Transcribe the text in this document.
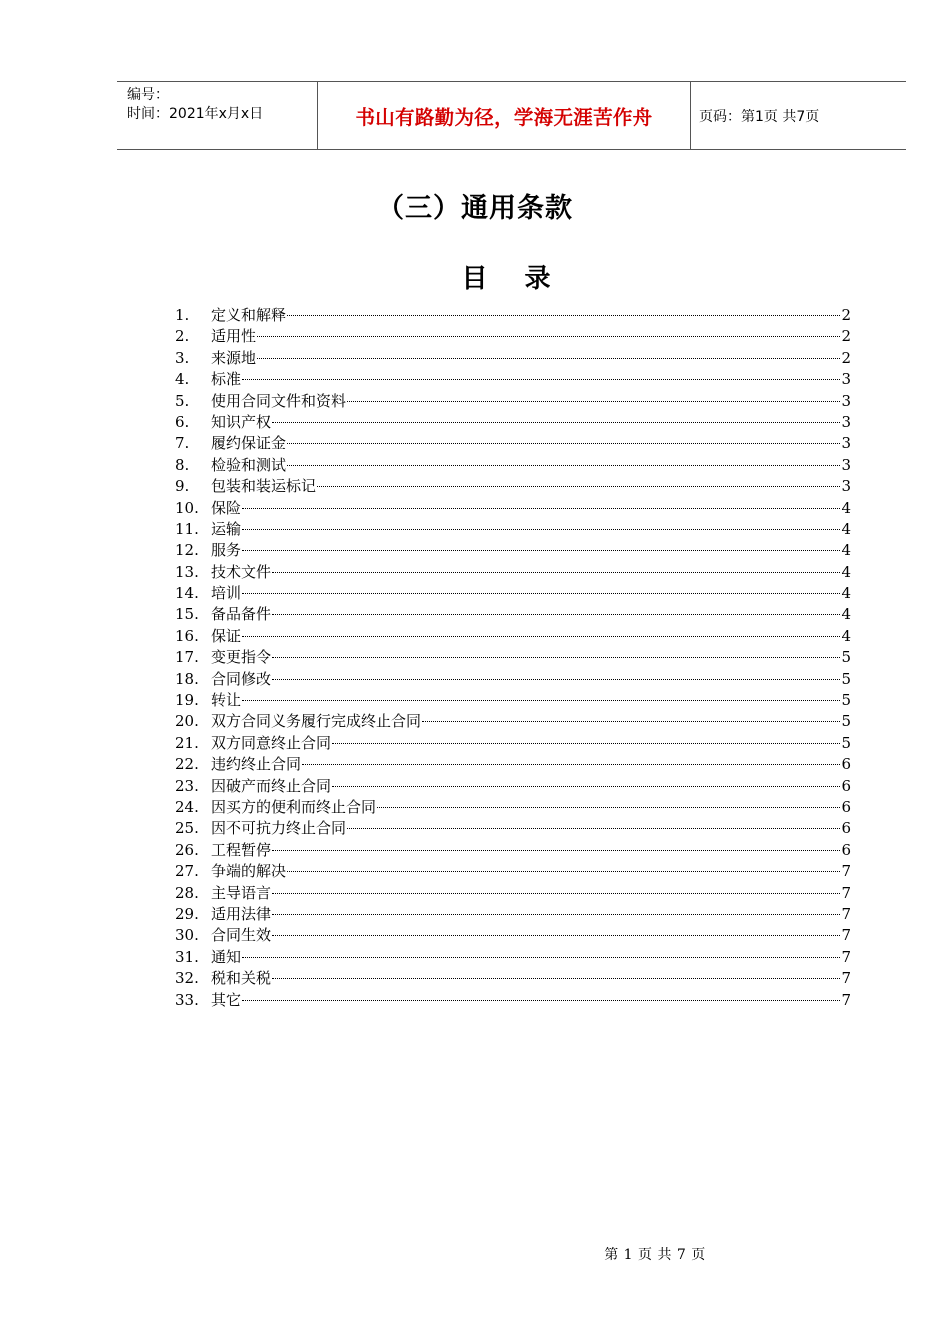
编号：
时间：2021年x月x日	书山有路勤为径，学海无涯苦作舟	页码：第1页 共7页
（三）通用条款
目 录
1.	定义和解释	2
2.	适用性	2
3.	来源地	2
4.	标准	3
5.	使用合同文件和资料	3
6.	知识产权	3
7.	履约保证金	3
8.	检验和测试	3
9.	包装和装运标记	3
10. 保险	4
11. 运输	4
12. 服务	4
13. 技术文件	4
14. 培训	4
15. 备品备件	4
16. 保证	4
17. 变更指令	5
18. 合同修改	5
19. 转让	5
20. 双方合同义务履行完成终止合同	5
21. 双方同意终止合同	5
22. 违约终止合同	6
23. 因破产而终止合同	6
24. 因买方的便利而终止合同	6
25. 因不可抗力终止合同	6
26. 工程暂停	6
27. 争端的解决	7
28. 主导语言	7
29. 适用法律	7
30. 合同生效	7
31. 通知	7
32. 税和关税	7
33. 其它	7
第 1 页 共 7 页
